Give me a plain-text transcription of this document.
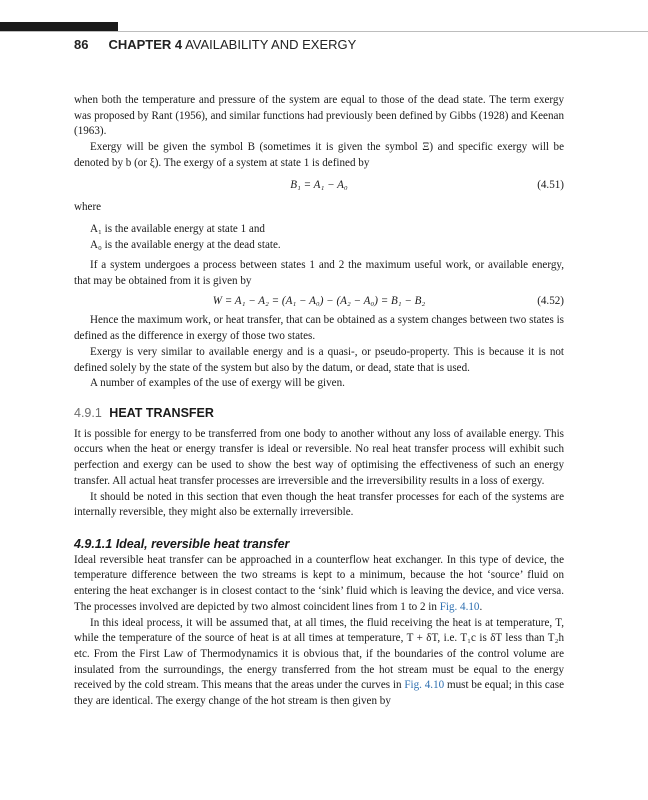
86 CHAPTER 4 AVAILABILITY AND EXERGY

when both the temperature and pressure of the system are equal to those of the dead state. The term exergy was proposed by Rant (1956), and similar functions had previously been defined by Gibbs (1928) and Keenan (1963).

Exergy will be given the symbol B (sometimes it is given the symbol Ξ) and specific exergy will be denoted by b (or ξ). The exergy of a system at state 1 is defined by

B₁ = A₁ − A₀	(4.51)

where

A₁ is the available energy at state 1 and

A₀ is the available energy at the dead state.

If a system undergoes a process between states 1 and 2 the maximum useful work, or available energy, that may be obtained from it is given by

W = A₁ − A₂ = (A₁ − A₀) − (A₂ − A₀) = B₁ − B₂	(4.52)

Hence the maximum work, or heat transfer, that can be obtained as a system changes between two states is defined as the difference in exergy of those two states.

Exergy is very similar to available energy and is a quasi-, or pseudo-property. This is because it is not defined solely by the state of the system but also by the datum, or dead, state that is used.

A number of examples of the use of exergy will be given.

4.9.1 HEAT TRANSFER

It is possible for energy to be transferred from one body to another without any loss of available energy. This occurs when the heat or energy transfer is ideal or reversible. No real heat transfer process will exhibit such perfection and exergy can be used to show the best way of optimising the effectiveness of such an energy transfer. All actual heat transfer processes are irreversible and the irreversibility results in a loss of exergy.

It should be noted in this section that even though the heat transfer processes for each of the systems are internally reversible, they might also be externally irreversible.

4.9.1.1 Ideal, reversible heat transfer

Ideal reversible heat transfer can be approached in a counterflow heat exchanger. In this type of device, the temperature difference between the two streams is kept to a minimum, because the hot ‘source’ fluid on entering the heat exchanger is in closest contact to the ‘sink’ fluid which is leaving the device, and vice versa. The processes involved are depicted by two almost coincident lines from 1 to 2 in Fig. 4.10.

In this ideal process, it will be assumed that, at all times, the fluid receiving the heat is at temperature, T, while the temperature of the source of heat is at all times at temperature, T + δT, i.e. T₁c is δT less than T₂h etc. From the First Law of Thermodynamics it is obvious that, if the boundaries of the control volume are insulated from the surroundings, the energy transferred from the hot stream must be equal to the energy received by the cold stream. This means that the areas under the curves in Fig. 4.10 must be equal; in this case they are identical. The exergy change of the hot stream is then given by
